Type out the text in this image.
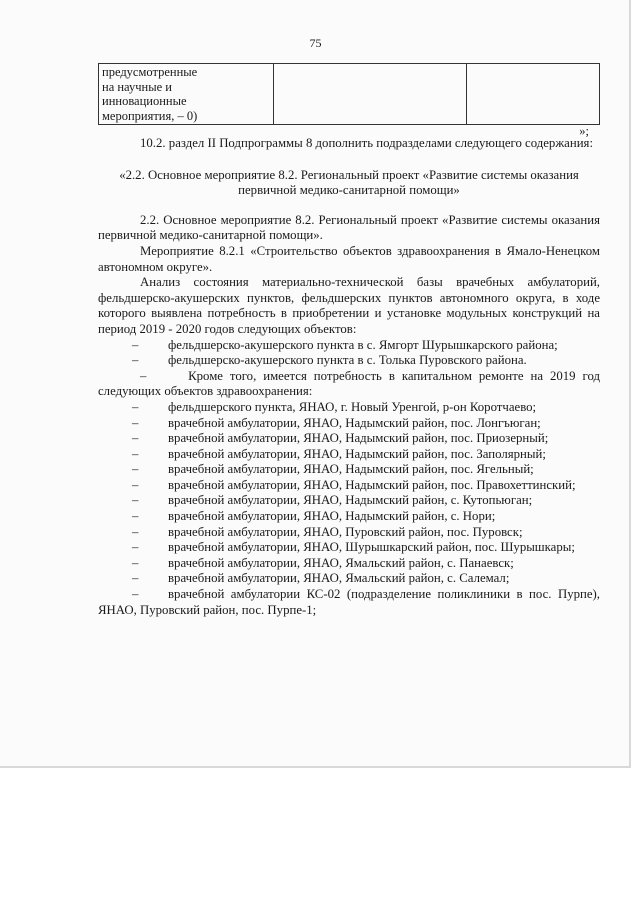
75
предусмотренные
на научные и
инновационные
мероприятия, – 0)

»;

10.2. раздел II Подпрограммы 8 дополнить подразделами следующего содержания:

«2.2. Основное мероприятие 8.2. Региональный проект «Развитие системы оказания первичной медико-санитарной помощи»

2.2. Основное мероприятие 8.2. Региональный проект «Развитие системы оказания первичной медико-санитарной помощи».

Мероприятие 8.2.1 «Строительство объектов здравоохранения в Ямало-Ненецком автономном округе».

Анализ состояния материально-технической базы врачебных амбулаторий, фельдшерско-акушерских пунктов, фельдшерских пунктов автономного округа, в ходе которого выявлена потребность в приобретении и установке модульных конструкций на период 2019 - 2020 годов следующих объектов:

– фельдшерско-акушерского пункта в с. Ямгорт Шурышкарского района;

– фельдшерско-акушерского пункта в с. Толька Пуровского района.

–	Кроме того, имеется потребность в капитальном ремонте на 2019 год следующих объектов здравоохранения:

– фельдшерского пункта, ЯНАО, г. Новый Уренгой, р-он Коротчаево;

– врачебной амбулатории, ЯНАО, Надымский район, пос. Лонгъюган;

– врачебной амбулатории, ЯНАО, Надымский район, пос. Приозерный;

– врачебной амбулатории, ЯНАО, Надымский район, пос. Заполярный;

– врачебной амбулатории, ЯНАО, Надымский район, пос. Ягельный;

– врачебной амбулатории, ЯНАО, Надымский район, пос. Правохеттинский;

– врачебной амбулатории, ЯНАО, Надымский район, с. Кутопьюган;

– врачебной амбулатории, ЯНАО, Надымский район, с. Нори;

– врачебной амбулатории, ЯНАО, Пуровский район, пос. Пуровск;

– врачебной амбулатории, ЯНАО, Шурышкарский район, пос. Шурышкары;

– врачебной амбулатории, ЯНАО, Ямальский район, с. Панаевск;

– врачебной амбулатории, ЯНАО, Ямальский район, с. Салемал;

– врачебной амбулатории КС-02 (подразделение поликлиники в пос. Пурпе), ЯНАО, Пуровский район, пос. Пурпе-1;
